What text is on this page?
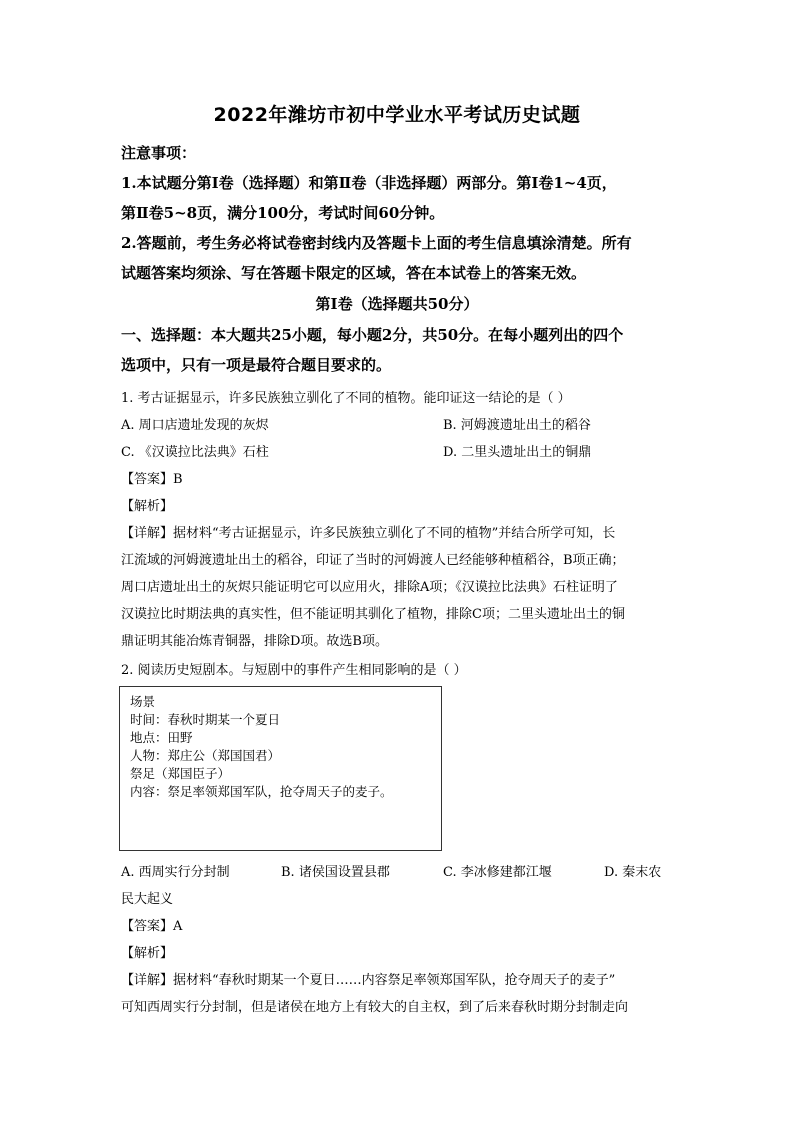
2022年潍坊市初中学业水平考试历史试题
注意事项：
1.本试题分第Ⅰ卷（选择题）和第Ⅱ卷（非选择题）两部分。第Ⅰ卷1~4页，
第Ⅱ卷5~8页，满分100分，考试时间60分钟。
2.答题前，考生务必将试卷密封线内及答题卡上面的考生信息填涂清楚。所有
试题答案均须涂、写在答题卡限定的区域，答在本试卷上的答案无效。
第Ⅰ卷（选择题共50分）
一、选择题：本大题共25小题，每小题2分，共50分。在每小题列出的四个
选项中，只有一项是最符合题目要求的。
1. 考古证据显示，许多民族独立驯化了不同的植物。能印证这一结论的是（ ）
A. 周口店遗址发现的灰烬	B. 河姆渡遗址出土的稻谷
C. 《汉谟拉比法典》石柱	D. 二里头遗址出土的铜鼎
【答案】B
【解析】
【详解】据材料“考古证据显示，许多民族独立驯化了不同的植物”并结合所学可知，长
江流域的河姆渡遗址出土的稻谷，印证了当时的河姆渡人已经能够种植稻谷，B项正确；
周口店遗址出土的灰烬只能证明它可以应用火，排除A项；《汉谟拉比法典》石柱证明了
汉谟拉比时期法典的真实性，但不能证明其驯化了植物，排除C项；二里头遗址出土的铜
鼎证明其能冶炼青铜器，排除D项。故选B项。
2. 阅读历史短剧本。与短剧中的事件产生相同影响的是（ ）
场景
时间：春秋时期某一个夏日
地点：田野
人物：郑庄公（郑国国君）
祭足（郑国臣子）
内容：祭足率领郑国军队，抢夺周天子的麦子。
A. 西周实行分封制	B. 诸侯国设置县郡	C. 李冰修建都江堰	D. 秦末农
民大起义
【答案】A
【解析】
【详解】据材料“春秋时期某一个夏日……内容祭足率领郑国军队，抢夺周天子的麦子”
可知西周实行分封制，但是诸侯在地方上有较大的自主权，到了后来春秋时期分封制走向
